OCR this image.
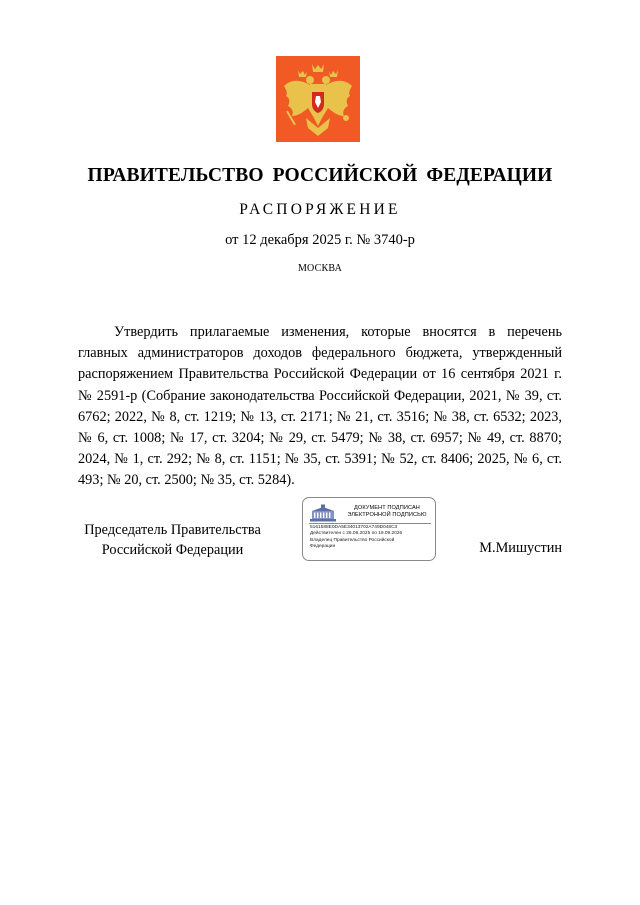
ПРАВИТЕЛЬСТВО РОССИЙСКОЙ ФЕДЕРАЦИИ
РАСПОРЯЖЕНИЕ
от 12 декабря 2025 г. № 3740-р
МОСКВА
Утвердить прилагаемые изменения, которые вносятся в перечень главных администраторов доходов федерального бюджета, утвержденный распоряжением Правительства Российской Федерации от 16 сентября 2021 г. № 2591-р (Собрание законодательства Российской Федерации, 2021, № 39, ст. 6762; 2022, № 8, ст. 1219; № 13, ст. 2171; № 21, ст. 3516; № 38, ст. 6532; 2023, № 6, ст. 1008; № 17, ст. 3204; № 29, ст. 5479; № 38, ст. 6957; № 49, ст. 8870; 2024, № 1, ст. 292; № 8, ст. 1151; № 35, ст. 5391; № 52, ст. 8406; 2025, № 6, ст. 493; № 20, ст. 2500; № 35, ст. 5284).
Председатель Правительства
Российской Федерации
ДОКУМЕНТ ПОДПИСАН
ЭЛЕКТРОННОЙ ПОДПИСЬЮ
5161588E0DA5E34013702A749D048C3
Действителен с 26.06.2025 по 19.09.2026
Владелец Правительство Российской
Федерации	М.Мишустин
